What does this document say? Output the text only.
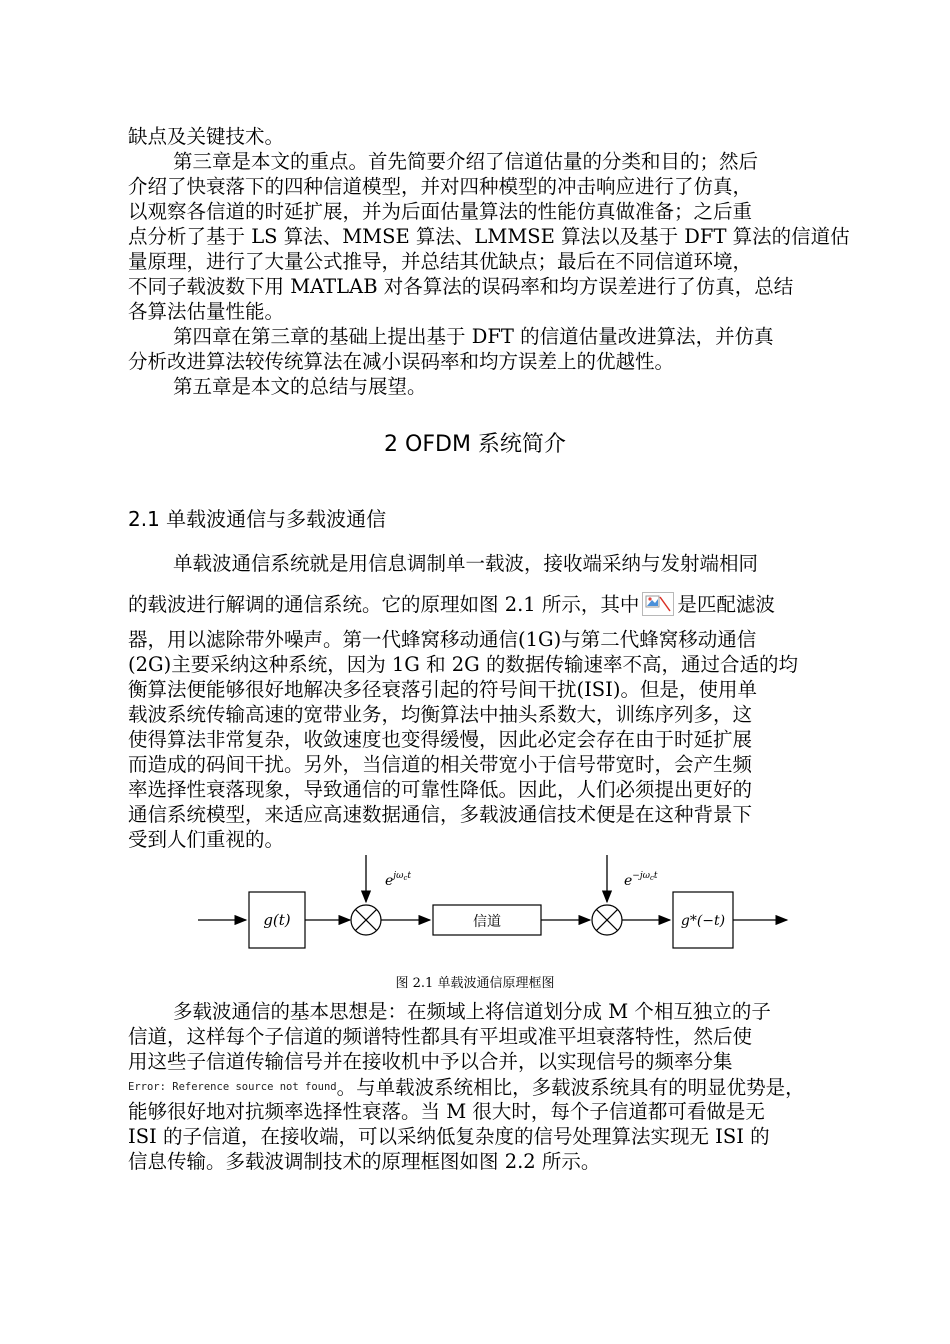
缺点及关键技术。
第三章是本文的重点。首先简要介绍了信道估量的分类和目的；然后
介绍了快衰落下的四种信道模型，并对四种模型的冲击响应进行了仿真，
以观察各信道的时延扩展，并为后面估量算法的性能仿真做准备；之后重
点分析了基于 LS 算法、MMSE 算法、LMMSE 算法以及基于 DFT 算法的信道估
量原理，进行了大量公式推导，并总结其优缺点；最后在不同信道环境，
不同子载波数下用 MATLAB 对各算法的误码率和均方误差进行了仿真，总结
各算法估量性能。
第四章在第三章的基础上提出基于 DFT 的信道估量改进算法，并仿真
分析改进算法较传统算法在减小误码率和均方误差上的优越性。
第五章是本文的总结与展望。
2 OFDM 系统简介
2.1 单载波通信与多载波通信
单载波通信系统就是用信息调制单一载波，接收端采纳与发射端相同
的载波进行解调的通信系统。它的原理如图 2.1 所示，其中 是匹配滤波
器，用以滤除带外噪声。第一代蜂窝移动通信(1G)与第二代蜂窝移动通信
(2G)主要采纳这种系统，因为 1G 和 2G 的数据传输速率不高，通过合适的均
衡算法便能够很好地解决多径衰落引起的符号间干扰(ISI)。但是，使用单
载波系统传输高速的宽带业务，均衡算法中抽头系数大，训练序列多，这
使得算法非常复杂，收敛速度也变得缓慢，因此必定会存在由于时延扩展
而造成的码间干扰。另外，当信道的相关带宽小于信号带宽时，会产生频
率选择性衰落现象，导致通信的可靠性降低。因此，人们必须提出更好的
通信系统模型，来适应高速数据通信，多载波通信技术便是在这种背景下
受到人们重视的。
g(t)
$e^{j\omega}ct$
信道
$e^{-j\omega}ct$
g*(−t)
图 2.1 单载波通信原理框图
多载波通信的基本思想是：在频域上将信道划分成 M 个相互独立的子
信道，这样每个子信道的频谱特性都具有平坦或准平坦衰落特性，然后使
用这些子信道传输信号并在接收机中予以合并，以实现信号的频率分集
$^{Error: Reference source not found}$。与单载波系统相比，多载波系统具有的明显优势是，
能够很好地对抗频率选择性衰落。当 M 很大时，每个子信道都可看做是无
ISI 的子信道，在接收端，可以采纳低复杂度的信号处理算法实现无 ISI 的
信息传输。多载波调制技术的原理框图如图 2.2 所示。
